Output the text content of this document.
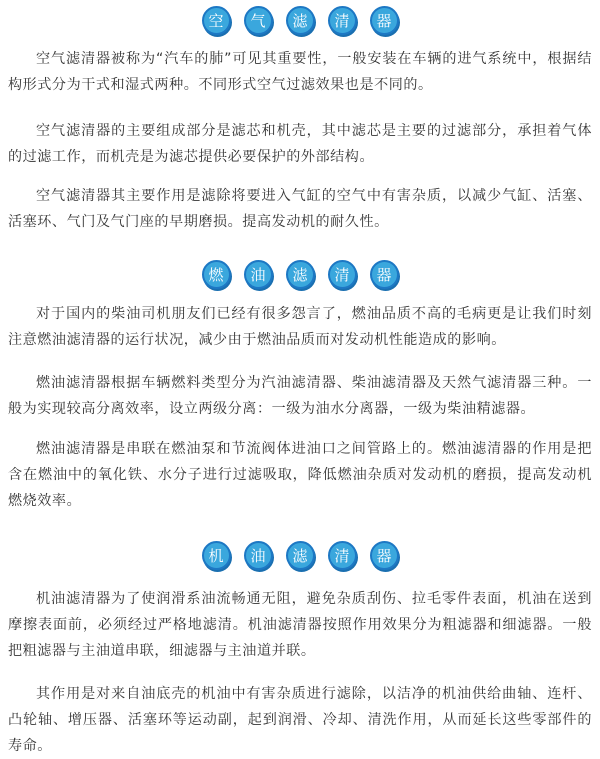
空	气	滤	清	器

空气滤清器被称为“汽车的肺”可见其重要性，一般安装在车辆的进气系统中，根据结构形式分为干式和湿式两种。不同形式空气过滤效果也是不同的。

空气滤清器的主要组成部分是滤芯和机壳，其中滤芯是主要的过滤部分，承担着气体的过滤工作，而机壳是为滤芯提供必要保护的外部结构。

空气滤清器其主要作用是滤除将要进入气缸的空气中有害杂质，以减少气缸、活塞、活塞环、气门及气门座的早期磨损。提高发动机的耐久性。

燃	油	滤	清	器

对于国内的柴油司机朋友们已经有很多怨言了，燃油品质不高的毛病更是让我们时刻注意燃油滤清器的运行状况，减少由于燃油品质而对发动机性能造成的影响。

燃油滤清器根据车辆燃料类型分为汽油滤清器、柴油滤清器及天然气滤清器三种。一般为实现较高分离效率，设立两级分离：一级为油水分离器，一级为柴油精滤器。

燃油滤清器是串联在燃油泵和节流阀体进油口之间管路上的。燃油滤清器的作用是把含在燃油中的氧化铁、水分子进行过滤吸取，降低燃油杂质对发动机的磨损，提高发动机燃烧效率。

机	油	滤	清	器

机油滤清器为了使润滑系油流畅通无阻，避免杂质刮伤、拉毛零件表面，机油在送到摩擦表面前，必须经过严格地滤清。机油滤清器按照作用效果分为粗滤器和细滤器。一般把粗滤器与主油道串联，细滤器与主油道并联。

其作用是对来自油底壳的机油中有害杂质进行滤除，以洁净的机油供给曲轴、连杆、凸轮轴、增压器、活塞环等运动副，起到润滑、冷却、清洗作用，从而延长这些零部件的寿命。
